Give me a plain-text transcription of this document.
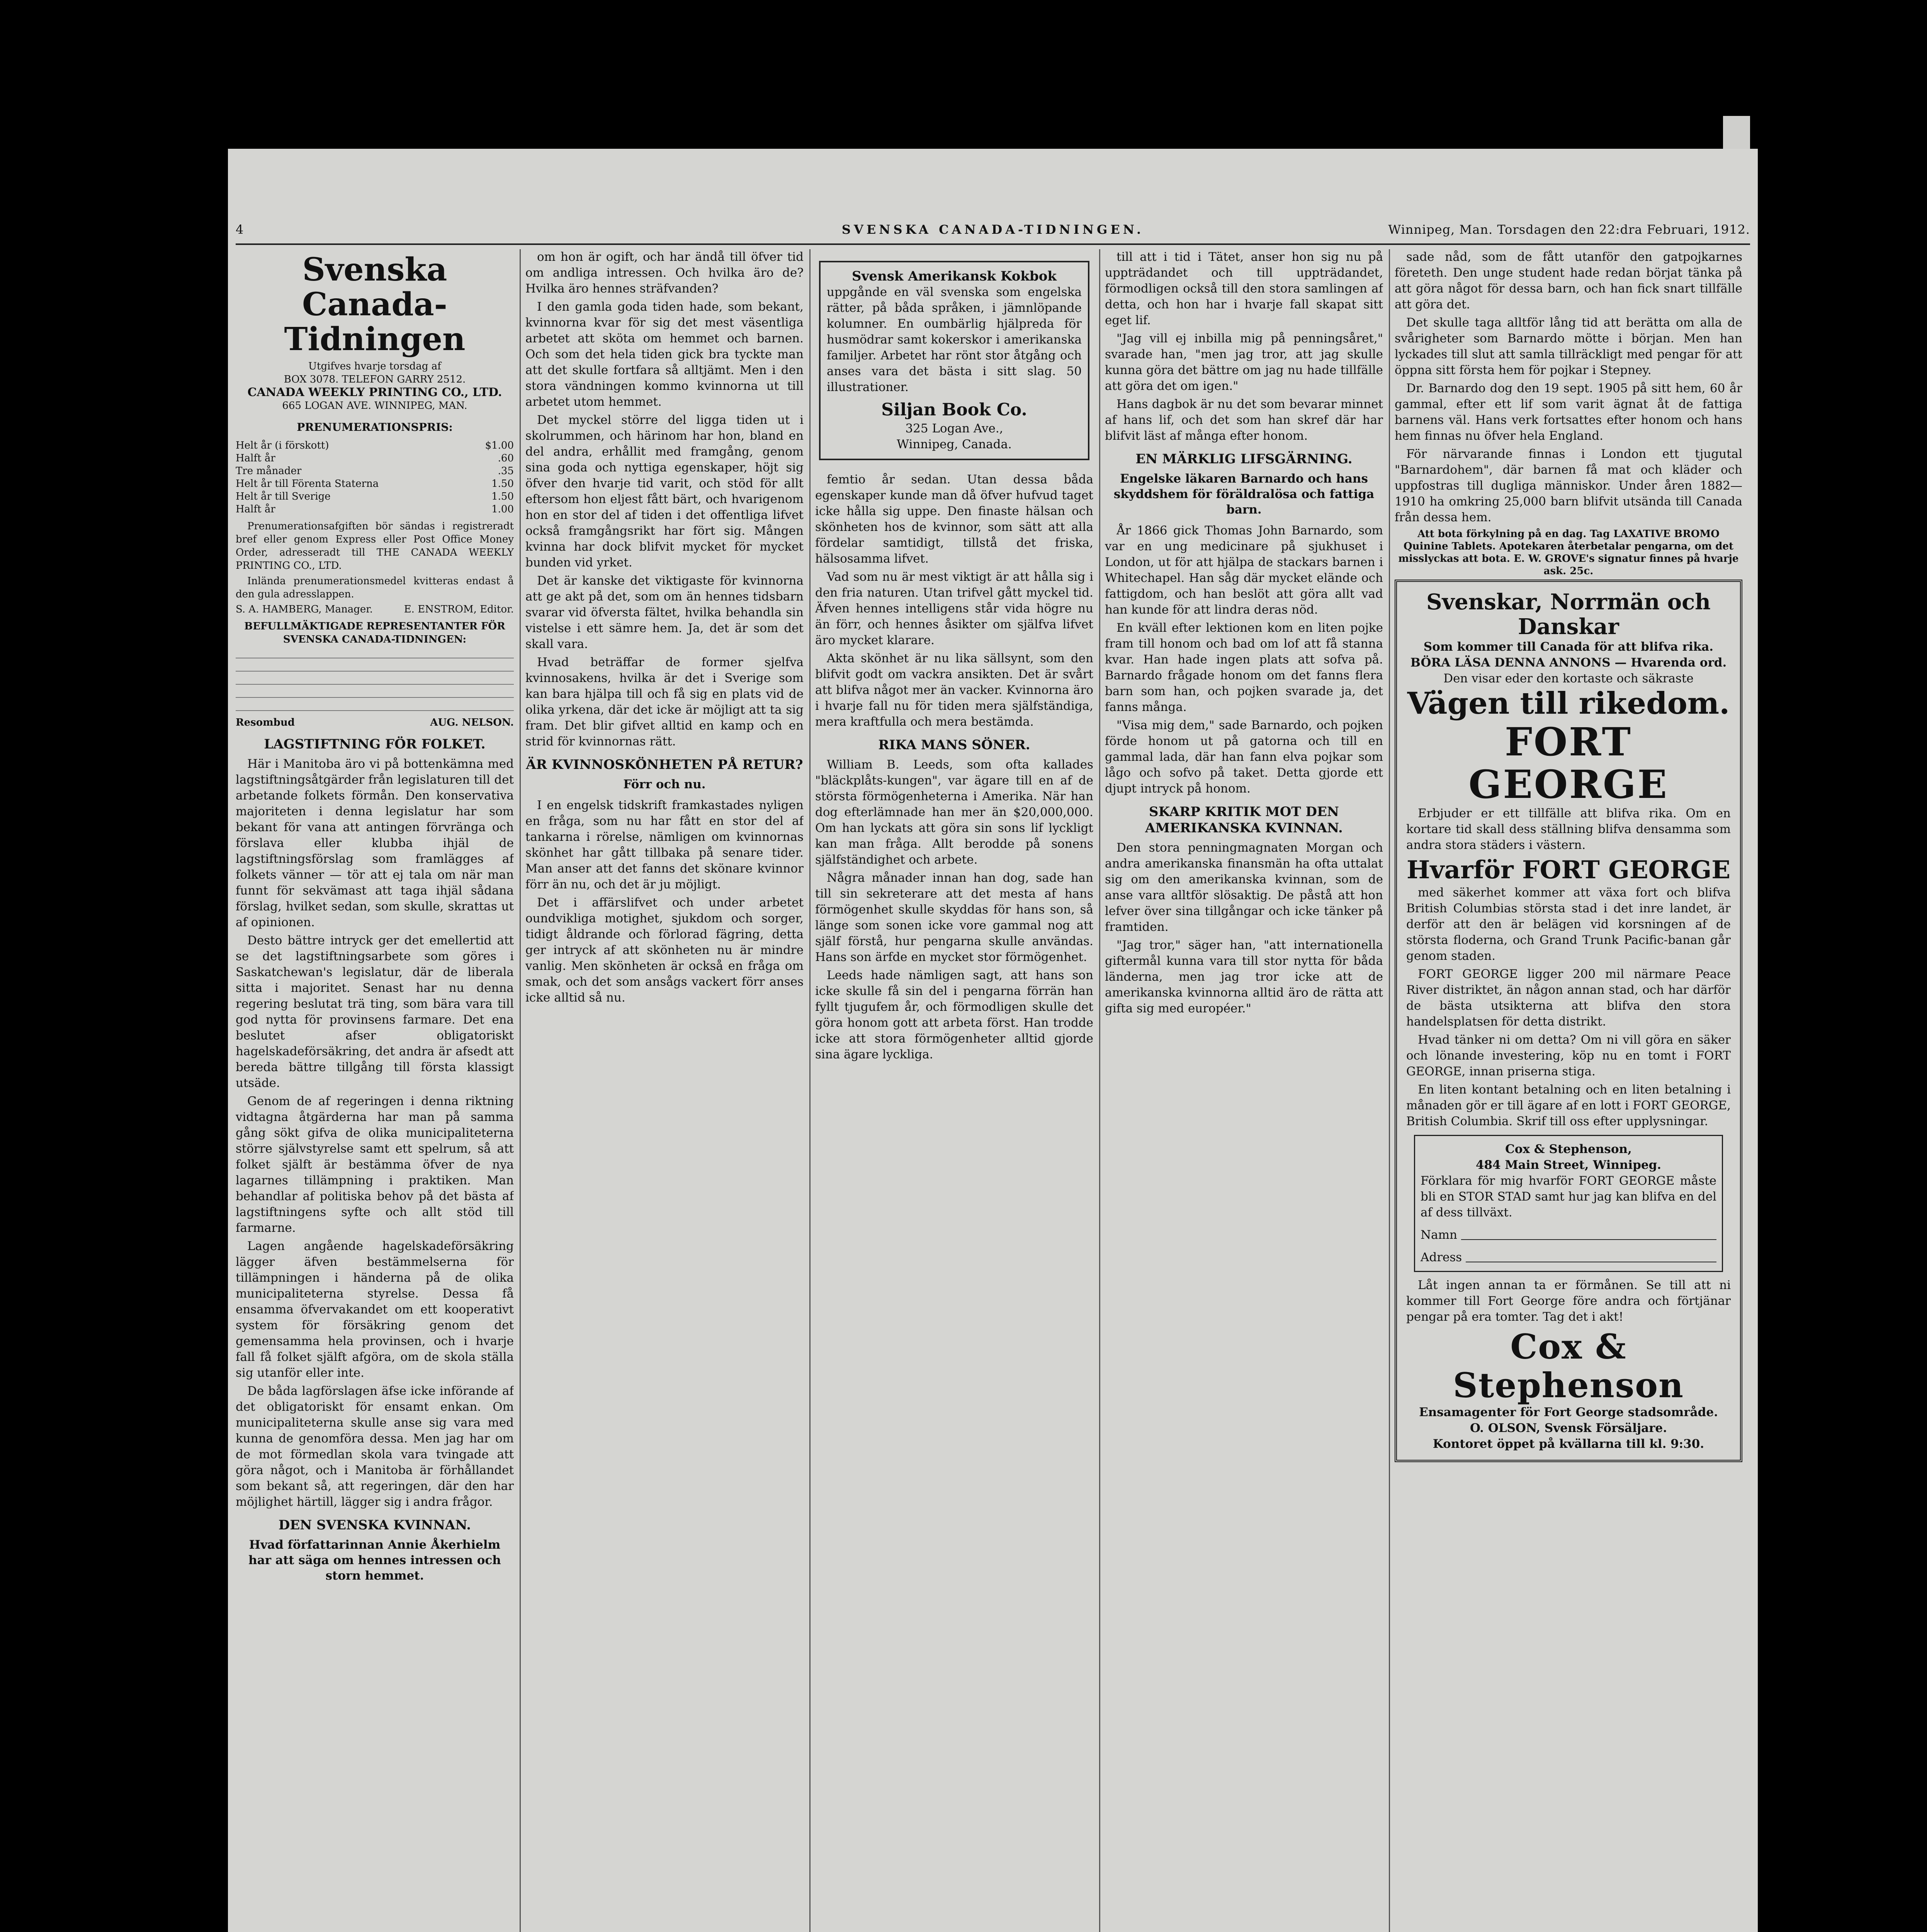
4	SVENSKA CANADA-TIDNINGEN.	Winnipeg, Man. Torsdagen den 22:dra Februari, 1912.
Svenska Canada-
Tidningen
Utgifves hvarje torsdag af
BOX 3078. TELEFON GARRY 2512.
CANADA WEEKLY PRINTING CO., LTD.
665 LOGAN AVE. WINNIPEG, MAN.
PRENUMERATIONSPRIS:
Helt år (i förskott)	$1.00
Halft år	.60
Tre månader	.35
Helt år till Förenta Staterna	1.50
Helt år till Sverige	1.50
Halft år	1.00

Prenumerationsafgiften bör sändas i registreradt bref eller genom Express eller Post Office Money Order, adresseradt till THE CANADA WEEKLY PRINTING CO., LTD.

Inlända prenumerationsmedel kvitteras endast å den gula adresslappen.

S. A. HAMBERG, Manager.	E. ENSTROM, Editor.
BEFULLMÄKTIGADE REPRESENTANTER FÖR SVENSKA CANADA-TIDNINGEN:
Resombud	AUG. NELSON.
LAGSTIFTNING FÖR FOLKET.

Här i Manitoba äro vi på bottenkämna med lagstiftningsåtgärder från legislaturen till det arbetande folkets förmån. Den konservativa majoriteten i denna legislatur har som bekant för vana att antingen förvränga och förslava eller klubba ihjäl de lagstiftningsförslag som framlägges af folkets vänner — tör att ej tala om när man funnt för sekvämast att taga ihjäl sådana förslag, hvilket sedan, som skulle, skrattas ut af opinionen.

Desto bättre intryck ger det emellertid att se det lagstiftningsarbete som göres i Saskatchewan's legislatur, där de liberala sitta i majoritet. Senast har nu denna regering beslutat trä ting, som bära vara till god nytta för provinsens farmare. Det ena beslutet afser obligatoriskt hagelskadeförsäkring, det andra är afsedt att bereda bättre tillgång till första klassigt utsäde.

Genom de af regeringen i denna riktning vidtagna åtgärderna har man på samma gång sökt gifva de olika municipaliteterna större självstyrelse samt ett spelrum, så att folket själft är bestämma öfver de nya lagarnes tillämpning i praktiken. Man behandlar af politiska behov på det bästa af lagstiftningens syfte och allt stöd till farmarne.

Lagen angående hagelskadeförsäkring lägger äfven bestämmelserna för tillämpningen i händerna på de olika municipaliteterna styrelse. Dessa få ensamma öfvervakandet om ett kooperativt system för försäkring genom det gemensamma hela provinsen, och i hvarje fall få folket själft afgöra, om de skola ställa sig utanför eller inte.

De båda lagförslagen äfse icke införande af det obligatoriskt för ensamt enkan. Om municipaliteterna skulle anse sig vara med kunna de genomföra dessa. Men jag har om de mot förmedlan skola vara tvingade att göra något, och i Manitoba är förhållandet som bekant så, att regeringen, där den har möjlighet härtill, lägger sig i andra frågor.

DEN SVENSKA KVINNAN.
Hvad författarinnan Annie Åkerhielm har att säga om hennes intressen och storn hemmet.

om hon är ogift, och har ändå till öfver tid om andliga intressen. Och hvilka äro de? Hvilka äro hennes sträfvanden?

I den gamla goda tiden hade, som bekant, kvinnorna kvar för sig det mest väsentliga arbetet att sköta om hemmet och barnen. Och som det hela tiden gick bra tyckte man att det skulle fortfara så alltjämt. Men i den stora vändningen kommo kvinnorna ut till arbetet utom hemmet.

Det myckel större del ligga tiden ut i skolrummen, och härinom har hon, bland en del andra, erhållit med framgång, genom sina goda och nyttiga egenskaper, höjt sig öfver den hvarje tid varit, och stöd för allt eftersom hon eljest fått bärt, och hvarigenom hon en stor del af tiden i det offentliga lifvet också framgångsrikt har fört sig. Mången kvinna har dock blifvit mycket för mycket bunden vid yrket.

Det är kanske det viktigaste för kvinnorna att ge akt på det, som om än hennes tidsbarn svarar vid öfversta fältet, hvilka behandla sin vistelse i ett sämre hem. Ja, det är som det skall vara.

Hvad beträffar de former sjelfva kvinnosakens, hvilka är det i Sverige som kan bara hjälpa till och få sig en plats vid de olika yrkena, där det icke är möjligt att ta sig fram. Det blir gifvet alltid en kamp och en strid för kvinnornas rätt.

ÄR KVINNOSKÖNHETEN PÅ RETUR?
Förr och nu.

I en engelsk tidskrift framkastades nyligen en fråga, som nu har fått en stor del af tankarna i rörelse, nämligen om kvinnornas skönhet har gått tillbaka på senare tider. Man anser att det fanns det skönare kvinnor förr än nu, och det är ju möjligt.

Det i affärslifvet och under arbetet oundvikliga motighet, sjukdom och sorger, tidigt åldrande och förlorad fägring, detta ger intryck af att skönheten nu är mindre vanlig. Men skönheten är också en fråga om smak, och det som ansågs vackert förr anses icke alltid så nu.

Svensk Amerikansk Kokbok
uppgånde en väl svenska som engelska rätter, på båda språken, i jämnlöpande kolumner. En oumbärlig hjälpreda för husmödrar samt kokerskor i amerikanska familjer. Arbetet har rönt stor åtgång och anses vara det bästa i sitt slag. 50 illustrationer.
Siljan Book Co.
325 Logan Ave.,
Winnipeg, Canada.

femtio år sedan. Utan dessa båda egenskaper kunde man då öfver hufvud taget icke hålla sig uppe. Den finaste hälsan och skönheten hos de kvinnor, som sätt att alla fördelar samtidigt, tillstå det friska, hälsosamma lifvet.

Vad som nu är mest viktigt är att hålla sig i den fria naturen. Utan trifvel gått myckel tid. Äfven hennes intelligens står vida högre nu än förr, och hennes åsikter om själfva lifvet äro mycket klarare.

Akta skönhet är nu lika sällsynt, som den blifvit godt om vackra ansikten. Det är svårt att blifva något mer än vacker. Kvinnorna äro i hvarje fall nu för tiden mera själfständiga, mera kraftfulla och mera bestämda.

RIKA MANS SÖNER.

William B. Leeds, som ofta kallades "bläckplåts-kungen", var ägare till en af de största förmögenheterna i Amerika. När han dog efterlämnade han mer än $20,000,000. Om han lyckats att göra sin sons lif lyckligt kan man fråga. Allt berodde på sonens själfständighet och arbete.

Några månader innan han dog, sade han till sin sekreterare att det mesta af hans förmögenhet skulle skyddas för hans son, så länge som sonen icke vore gammal nog att själf förstå, hur pengarna skulle användas. Hans son ärfde en mycket stor förmögenhet.

Leeds hade nämligen sagt, att hans son icke skulle få sin del i pengarna förrän han fyllt tjugufem år, och förmodligen skulle det göra honom gott att arbeta först. Han trodde icke att stora förmögenheter alltid gjorde sina ägare lyckliga.

till att i tid i Tätet, anser hon sig nu på uppträdandet och till uppträdandet, förmodligen också till den stora samlingen af detta, och hon har i hvarje fall skapat sitt eget lif.

"Jag vill ej inbilla mig på penningsåret," svarade han, "men jag tror, att jag skulle kunna göra det bättre om jag nu hade tillfälle att göra det om igen."

Hans dagbok är nu det som bevarar minnet af hans lif, och det som han skref där har blifvit läst af många efter honom.

EN MÄRKLIG LIFSGÄRNING.
Engelske läkaren Barnardo och hans skyddshem för föräldralösa och fattiga barn.

År 1866 gick Thomas John Barnardo, som var en ung medicinare på sjukhuset i London, ut för att hjälpa de stackars barnen i Whitechapel. Han såg där mycket elände och fattigdom, och han beslöt att göra allt vad han kunde för att lindra deras nöd.

En kväll efter lektionen kom en liten pojke fram till honom och bad om lof att få stanna kvar. Han hade ingen plats att sofva på. Barnardo frågade honom om det fanns flera barn som han, och pojken svarade ja, det fanns många.

"Visa mig dem," sade Barnardo, och pojken förde honom ut på gatorna och till en gammal lada, där han fann elva pojkar som lågo och sofvo på taket. Detta gjorde ett djupt intryck på honom.

SKARP KRITIK MOT DEN AMERIKANSKA KVINNAN.

Den stora penningmagnaten Morgan och andra amerikanska finansmän ha ofta uttalat sig om den amerikanska kvinnan, som de anse vara alltför slösaktig. De påstå att hon lefver över sina tillgångar och icke tänker på framtiden.

"Jag tror," säger han, "att internationella giftermål kunna vara till stor nytta för båda länderna, men jag tror icke att de amerikanska kvinnorna alltid äro de rätta att gifta sig med européer."

sade nåd, som de fått utanför den gatpojkarnes företeth. Den unge student hade redan börjat tänka på att göra något för dessa barn, och han fick snart tillfälle att göra det.

Det skulle taga alltför lång tid att berätta om alla de svårigheter som Barnardo mötte i början. Men han lyckades till slut att samla tillräckligt med pengar för att öppna sitt första hem för pojkar i Stepney.

Dr. Barnardo dog den 19 sept. 1905 på sitt hem, 60 år gammal, efter ett lif som varit ägnat åt de fattiga barnens väl. Hans verk fortsattes efter honom och hans hem finnas nu öfver hela England.

För närvarande finnas i London ett tjugutal "Barnardohem", där barnen få mat och kläder och uppfostras till dugliga människor. Under åren 1882—1910 ha omkring 25,000 barn blifvit utsända till Canada från dessa hem.

Att bota förkylning på en dag. Tag LAXATIVE BROMO Quinine Tablets. Apotekaren återbetalar pengarna, om det misslyckas att bota. E. W. GROVE's signatur finnes på hvarje ask. 25c.

Svenskar, Norrmän och Danskar
Som kommer till Canada för att blifva rika.
BÖRA LÄSA DENNA ANNONS — Hvarenda ord.
Den visar eder den kortaste och säkraste
Vägen till rikedom.
FORT GEORGE

Erbjuder er ett tillfälle att blifva rika. Om en kortare tid skall dess ställning blifva densamma som andra stora städers i västern.

Hvarför FORT GEORGE

med säkerhet kommer att växa fort och blifva British Columbias största stad i det inre landet, är derför att den är belägen vid korsningen af de största floderna, och Grand Trunk Pacific-banan går genom staden.

FORT GEORGE ligger 200 mil närmare Peace River distriktet, än någon annan stad, och har därför de bästa utsikterna att blifva den stora handelsplatsen för detta distrikt.

Hvad tänker ni om detta? Om ni vill göra en säker och lönande investering, köp nu en tomt i FORT GEORGE, innan priserna stiga.

En liten kontant betalning och en liten betalning i månaden gör er till ägare af en lott i FORT GEORGE, British Columbia. Skrif till oss efter upplysningar.

Cox & Stephenson,
484 Main Street, Winnipeg.
Förklara för mig hvarför FORT GEORGE måste bli en STOR STAD samt hur jag kan blifva en del af dess tillväxt.
Namn
Adress

Låt ingen annan ta er förmånen. Se till att ni kommer till Fort George före andra och förtjänar pengar på era tomter. Tag det i akt!

Cox & Stephenson
Ensamagenter för Fort George stadsområde.
O. OLSON, Svensk Försäljare.
Kontoret öppet på kvällarna till kl. 9:30.
